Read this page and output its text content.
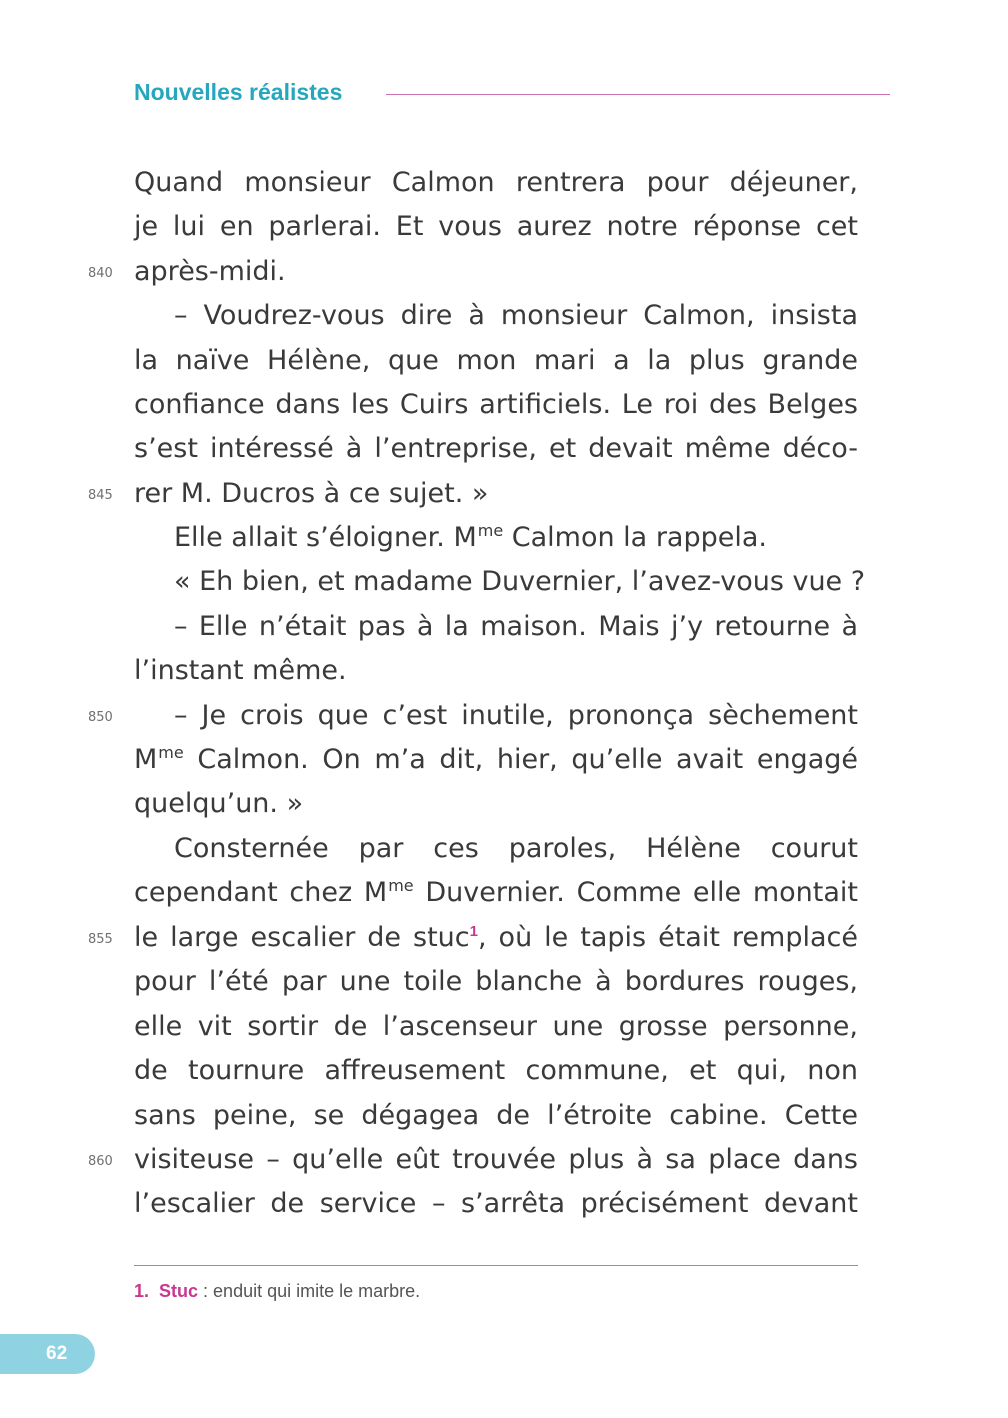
Nouvelles réalistes
840
845
850
855
860
Quand monsieur Calmon rentrera pour déjeuner,
je lui en parlerai. Et vous aurez notre réponse cet
après-midi.
– Voudrez-vous dire à monsieur Calmon, insista
la naïve Hélène, que mon mari a la plus grande
confiance dans les Cuirs artificiels. Le roi des Belges
s’est intéressé à l’entreprise, et devait même déco-
rer M. Ducros à ce sujet. »
Elle allait s’éloigner. $M^{me}$ Calmon la rappela.
« Eh bien, et madame Duvernier, l’avez-vous vue ?
– Elle n’était pas à la maison. Mais j’y retourne à
l’instant même.
– Je crois que c’est inutile, prononça sèchement
$M^{me}$ Calmon. On m’a dit, hier, qu’elle avait engagé
quelqu’un. »
Consternée par ces paroles, Hélène courut
cependant chez $M^{me}$ Duvernier. Comme elle montait
le large escalier de stuc$^1$, où le tapis était remplacé
pour l’été par une toile blanche à bordures rouges,
elle vit sortir de l’ascenseur une grosse personne,
de tournure affreusement commune, et qui, non
sans peine, se dégagea de l’étroite cabine. Cette
visiteuse – qu’elle eût trouvée plus à sa place dans
l’escalier de service – s’arrêta précisément devant
1. Stuc : enduit qui imite le marbre.
62
